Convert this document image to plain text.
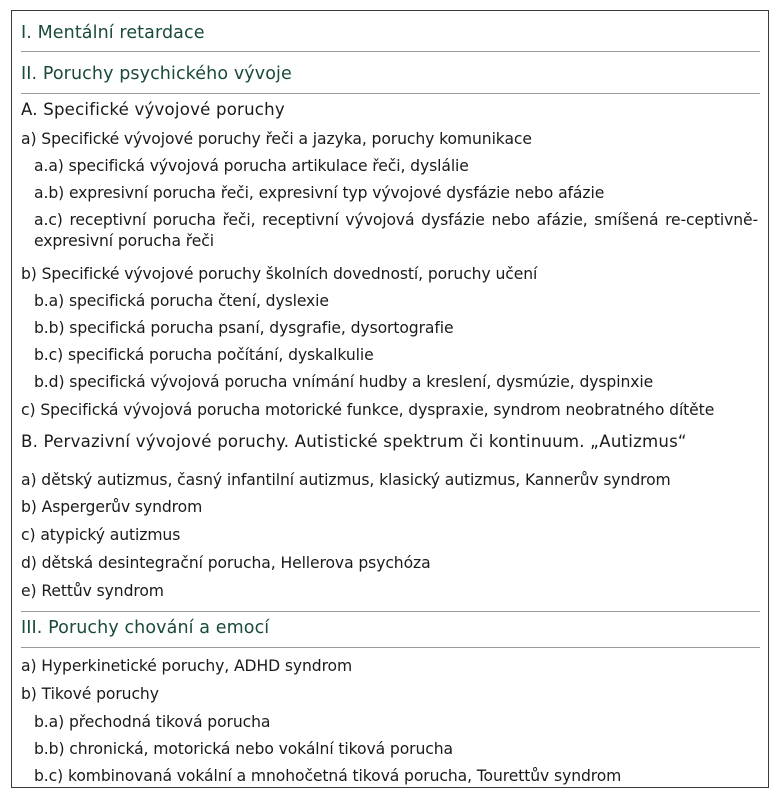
I. Mentální retardace
II. Poruchy psychického vývoje
A. Specifické vývojové poruchy
a) Specifické vývojové poruchy řeči a jazyka, poruchy komunikace
a.a) specifická vývojová porucha artikulace řeči, dyslálie
a.b) expresivní porucha řeči, expresivní typ vývojové dysfázie nebo afázie
a.c) receptivní porucha řeči, receptivní vývojová dysfázie nebo afázie, smíšená re-ceptivně-expresivní porucha řeči
b) Specifické vývojové poruchy školních dovedností, poruchy učení
b.a) specifická porucha čtení, dyslexie
b.b) specifická porucha psaní, dysgrafie, dysortografie
b.c) specifická porucha počítání, dyskalkulie
b.d) specifická vývojová porucha vnímání hudby a kreslení, dysmúzie, dyspinxie
c) Specifická vývojová porucha motorické funkce, dyspraxie, syndrom neobratného dítěte
B. Pervazivní vývojové poruchy. Autistické spektrum či kontinuum. „Autizmus“
a) dětský autizmus, časný infantilní autizmus, klasický autizmus, Kannerův syndrom
b) Aspergerův syndrom
c) atypický autizmus
d) dětská desintegrační porucha, Hellerova psychóza
e) Rettův syndrom
III. Poruchy chování a emocí
a) Hyperkinetické poruchy, ADHD syndrom
b) Tikové poruchy
b.a) přechodná tiková porucha
b.b) chronická, motorická nebo vokální tiková porucha
b.c) kombinovaná vokální a mnohočetná tiková porucha, Tourettův syndrom
